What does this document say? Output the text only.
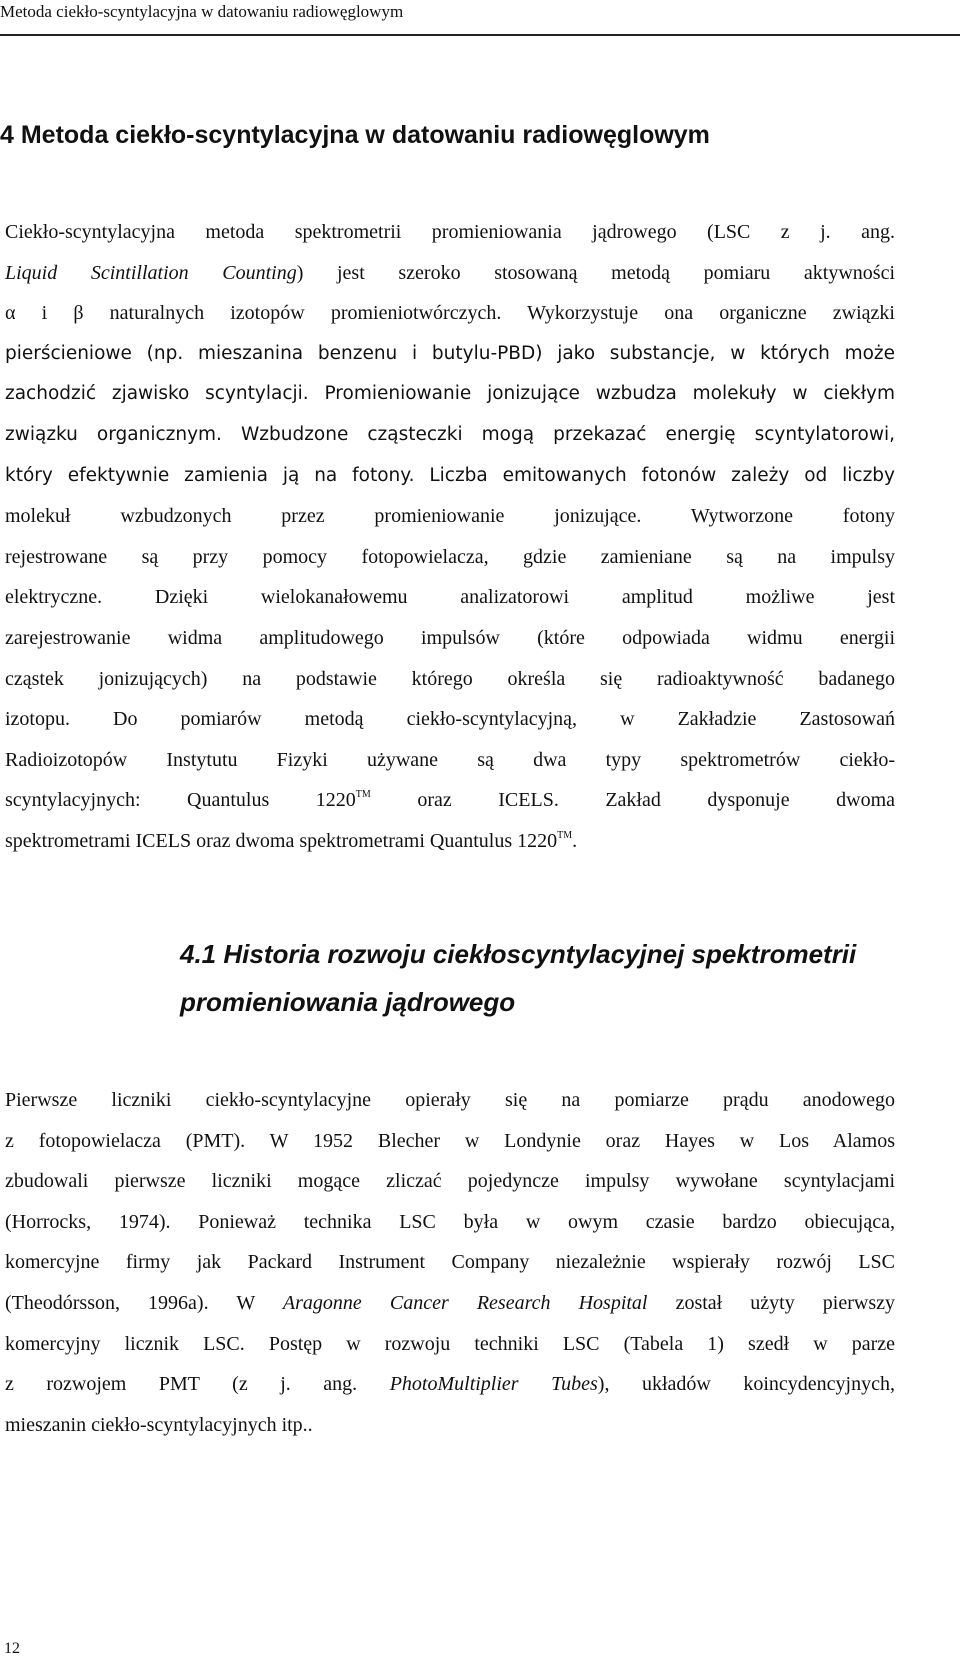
Metoda ciekło-scyntylacyjna w datowaniu radiowęglowym
4 Metoda ciekło-scyntylacyjna w datowaniu radiowęglowym
Ciekło-scyntylacyjna metoda spektrometrii promieniowania jądrowego (LSC z j. ang.
Liquid Scintillation Counting) jest szeroko stosowaną metodą pomiaru aktywności
α i β naturalnych izotopów promieniotwórczych. Wykorzystuje ona organiczne związki
pierścieniowe (np. mieszanina benzenu i butylu-PBD) jako substancje, w których może
zachodzić zjawisko scyntylacji. Promieniowanie jonizujące wzbudza molekuły w ciekłym
związku organicznym. Wzbudzone cząsteczki mogą przekazać energię scyntylatorowi,
który efektywnie zamienia ją na fotony. Liczba emitowanych fotonów zależy od liczby
molekuł wzbudzonych przez promieniowanie jonizujące. Wytworzone fotony
rejestrowane są przy pomocy fotopowielacza, gdzie zamieniane są na impulsy
elektryczne. Dzięki wielokanałowemu analizatorowi amplitud możliwe jest
zarejestrowanie widma amplitudowego impulsów (które odpowiada widmu energii
cząstek jonizujących) na podstawie którego określa się radioaktywność badanego
izotopu. Do pomiarów metodą ciekło-scyntylacyjną, w Zakładzie Zastosowań
Radioizotopów Instytutu Fizyki używane są dwa typy spektrometrów ciekło-
scyntylacyjnych: Quantulus 1220™ oraz ICELS. Zakład dysponuje dwoma
spektrometrami ICELS oraz dwoma spektrometrami Quantulus 1220™.
4.1 Historia rozwoju ciekłoscyntylacyjnej spektrometrii
promieniowania jądrowego
Pierwsze liczniki ciekło-scyntylacyjne opierały się na pomiarze prądu anodowego
z fotopowielacza (PMT). W 1952 Blecher w Londynie oraz Hayes w Los Alamos
zbudowali pierwsze liczniki mogące zliczać pojedyncze impulsy wywołane scyntylacjami
(Horrocks, 1974). Ponieważ technika LSC była w owym czasie bardzo obiecująca,
komercyjne firmy jak Packard Instrument Company niezależnie wspierały rozwój LSC
(Theodórsson, 1996a). W Aragonne Cancer Research Hospital został użyty pierwszy
komercyjny licznik LSC. Postęp w rozwoju techniki LSC (Tabela 1) szedł w parze
z rozwojem PMT (z j. ang. PhotoMultiplier Tubes), układów koincydencyjnych,
mieszanin ciekło-scyntylacyjnych itp..
12
